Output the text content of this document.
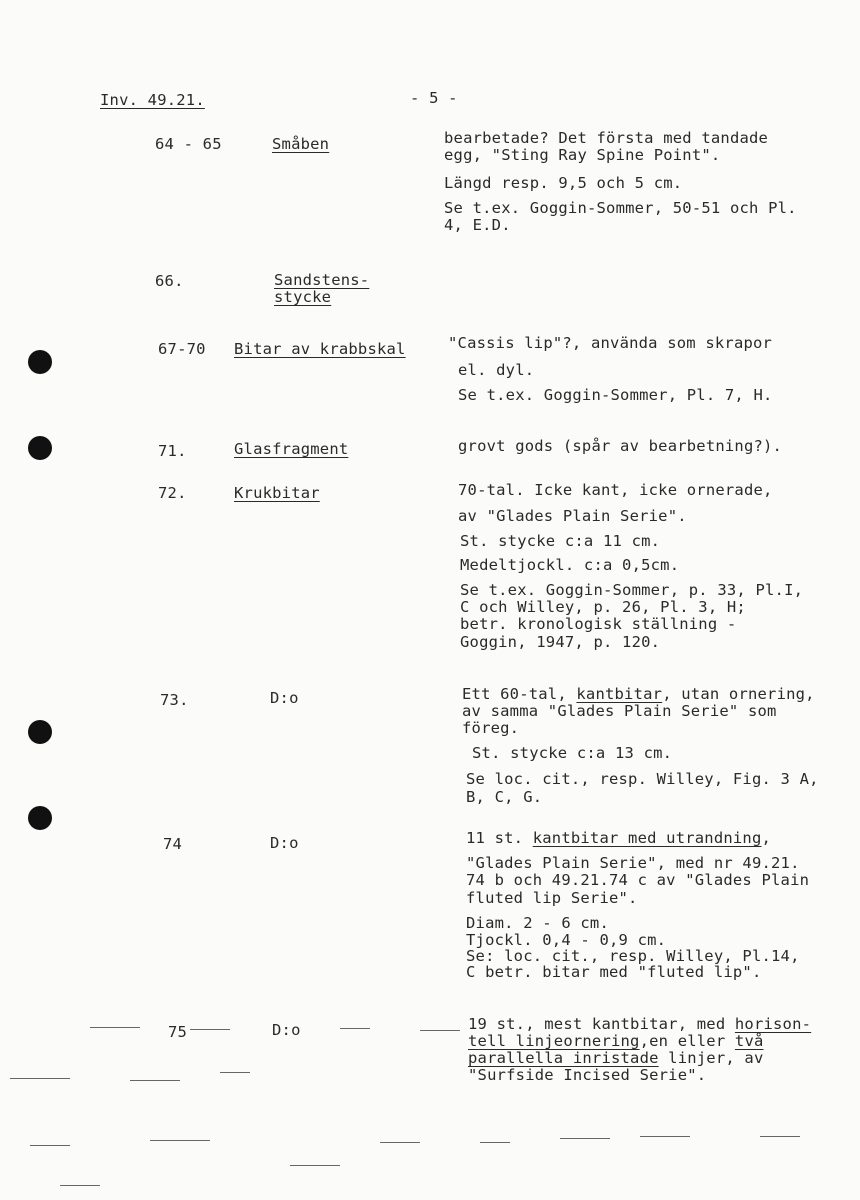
Inv. 49.21.	- 5 -
64 - 65	Småben	bearbetade? Det första med tandade
egg, "Sting Ray Spine Point".
Längd resp. 9,5 och 5 cm.
Se t.ex. Goggin-Sommer, 50-51 och Pl.
4, E.D.
66.	Sandstens-
stycke
67-70 Bitar av krabbskal	"Cassis lip"?, använda som skrapor
el. dyl.
Se t.ex. Goggin-Sommer, Pl. 7, H.
71.	Glasfragment	grovt gods (spår av bearbetning?).
72.	Krukbitar	70-tal. Icke kant, icke ornerade,
av "Glades Plain Serie".
St. stycke c:a 11 cm.
Medeltjockl. c:a 0,5cm.
Se t.ex. Goggin-Sommer, p. 33, Pl.I,
C och Willey, p. 26, Pl. 3, H;
betr. kronologisk ställning -
Goggin, 1947, p. 120.
73.	D:o	Ett 60-tal, kantbitar, utan ornering,
av samma "Glades Plain Serie" som
föreg.
St. stycke c:a 13 cm.
Se loc. cit., resp. Willey, Fig. 3 A,
B, C, G.
74	D:o	11 st. kantbitar med utrandning,
"Glades Plain Serie", med nr 49.21.
74 b och 49.21.74 c av "Glades Plain
fluted lip Serie".
Diam. 2 - 6 cm.
Tjockl. 0,4 - 0,9 cm.
Se: loc. cit., resp. Willey, Pl.14,
C betr. bitar med "fluted lip".
75	D:o	19 st., mest kantbitar, med horison-
tell linjeornering,en eller två
parallella inristade linjer, av
"Surfside Incised Serie".
